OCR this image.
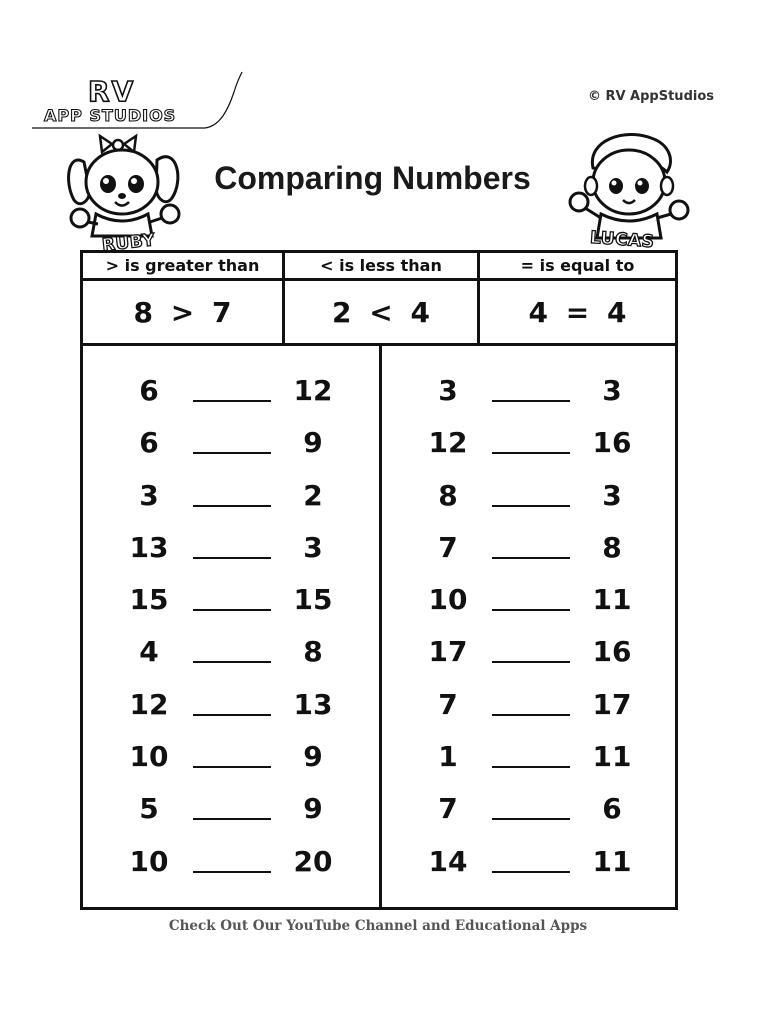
RV
APP STUDIOS
© RV AppStudios
Comparing Numbers
RUBY	LUCAS
> is greater than	< is less than	= is equal to
8 > 7	2 < 4	4 = 4
6	12
6	9
3	2
13	3
15	15
4	8
12	13
10	9
5	9
10	20
3	3
12	16
8	3
7	8
10	11
17	16
7	17
1	11
7	6
14	11
Check Out Our YouTube Channel and Educational Apps
